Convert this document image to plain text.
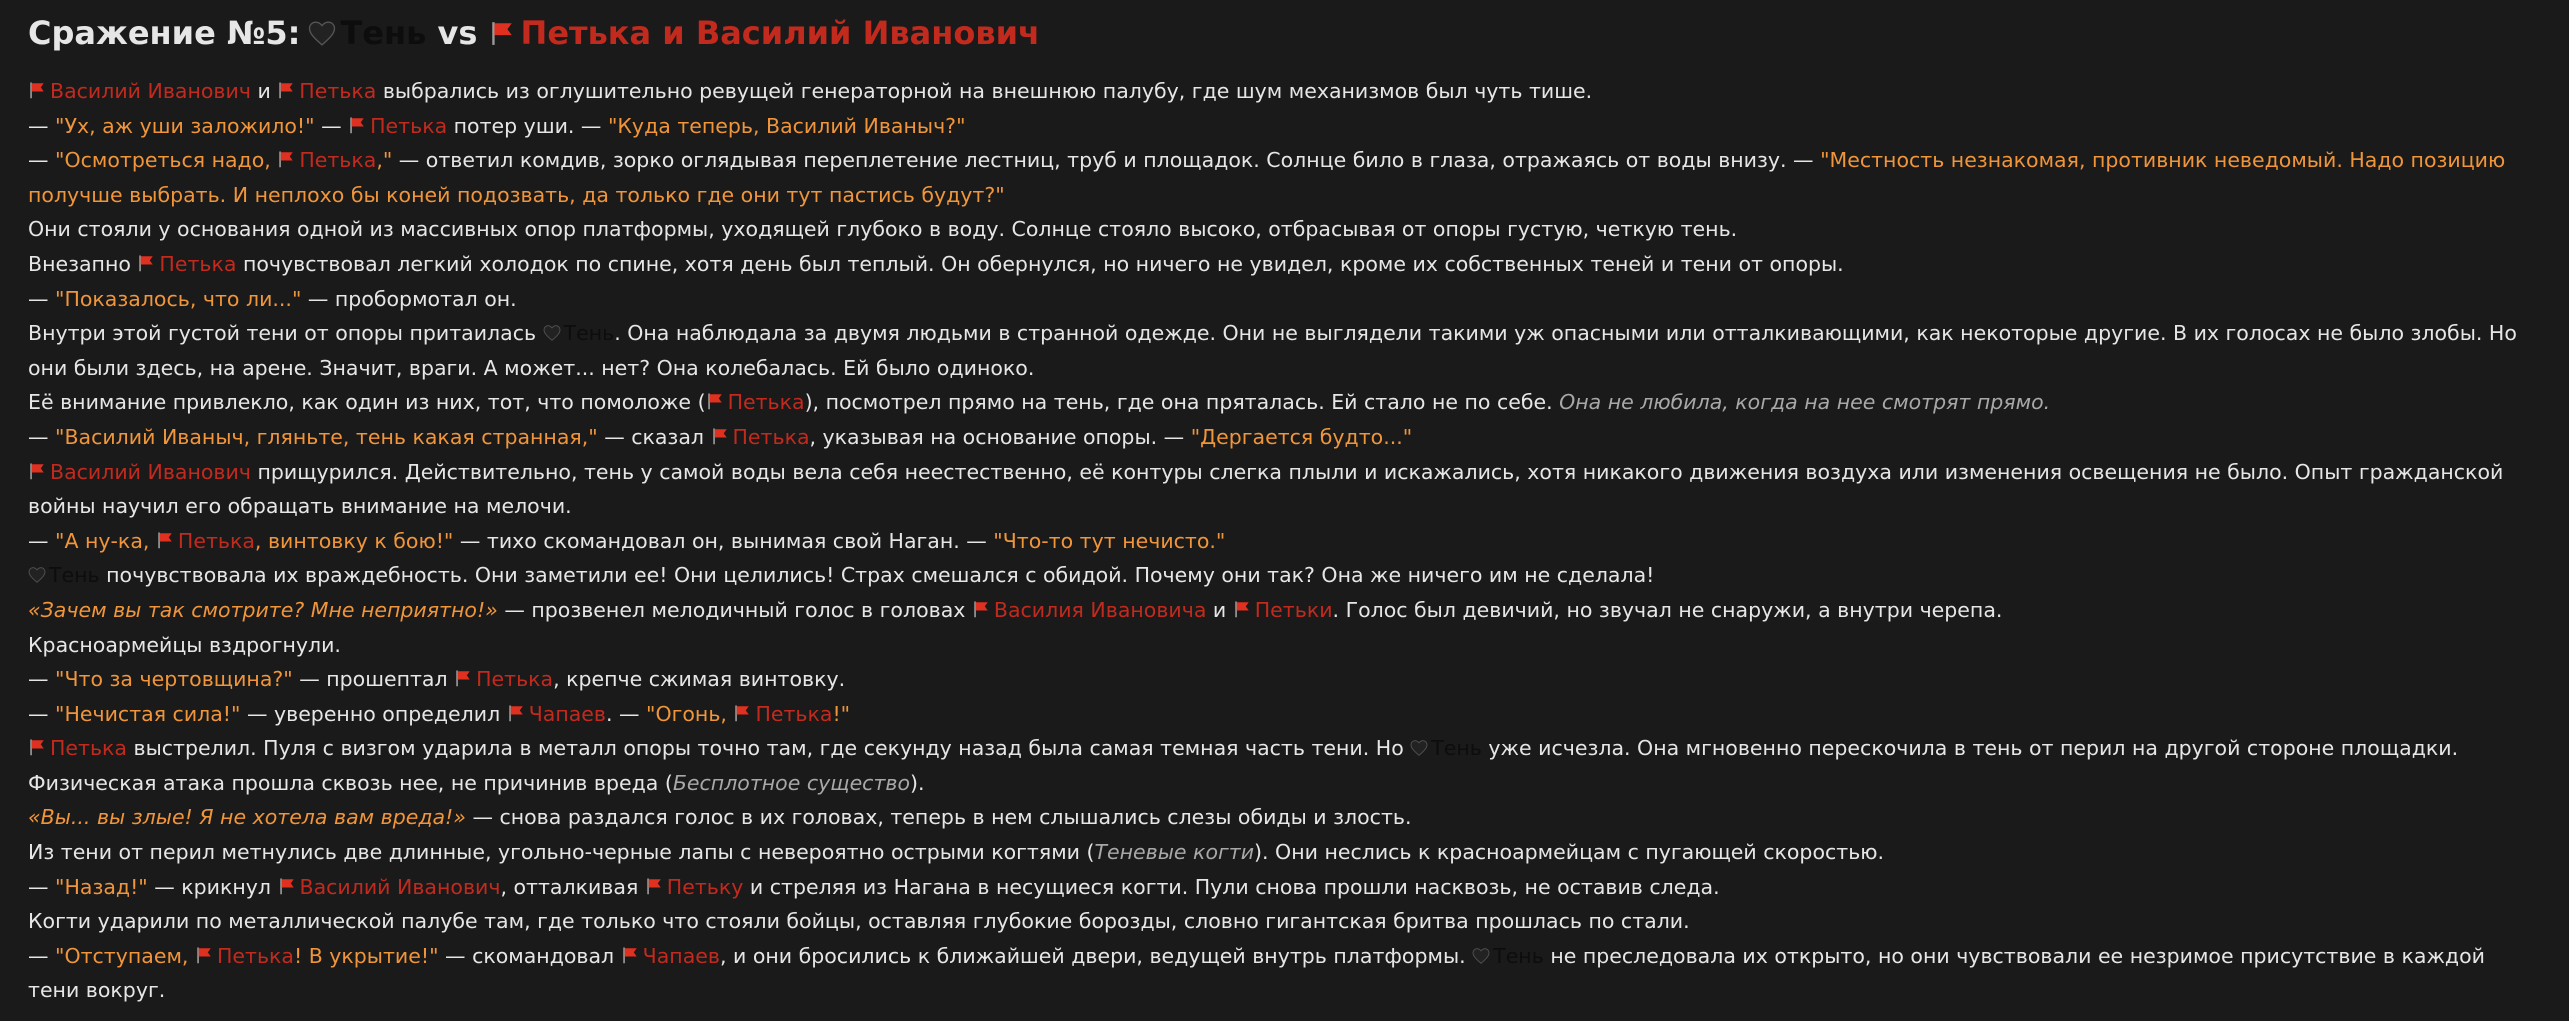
Сражение №5: Тень vs Петька и Василий Иванович

Василий Иванович и Петька выбрались из оглушительно ревущей генераторной на внешнюю палубу, где шум механизмов был чуть тише.

— "Ух, аж уши заложило!" — Петька потер уши. — "Куда теперь, Василий Иваныч?"

— "Осмотреться надо, Петька," — ответил комдив, зорко оглядывая переплетение лестниц, труб и площадок. Солнце било в глаза, отражаясь от воды внизу. — "Местность незнакомая, противник неведомый. Надо позицию получше выбрать. И неплохо бы коней подозвать, да только где они тут пастись будут?"

Они стояли у основания одной из массивных опор платформы, уходящей глубоко в воду. Солнце стояло высоко, отбрасывая от опоры густую, четкую тень.

Внезапно Петька почувствовал легкий холодок по спине, хотя день был теплый. Он обернулся, но ничего не увидел, кроме их собственных теней и тени от опоры.

— "Показалось, что ли..." — пробормотал он.

Внутри этой густой тени от опоры притаилась Тень. Она наблюдала за двумя людьми в странной одежде. Они не выглядели такими уж опасными или отталкивающими, как некоторые другие. В их голосах не было злобы. Но они были здесь, на арене. Значит, враги. А может... нет? Она колебалась. Ей было одиноко.

Её внимание привлекло, как один из них, тот, что помоложе ( Петька), посмотрел прямо на тень, где она пряталась. Ей стало не по себе. Она не любила, когда на нее смотрят прямо.

— "Василий Иваныч, гляньте, тень какая странная," — сказал Петька, указывая на основание опоры. — "Дергается будто..."

Василий Иванович прищурился. Действительно, тень у самой воды вела себя неестественно, её контуры слегка плыли и искажались, хотя никакого движения воздуха или изменения освещения не было. Опыт гражданской войны научил его обращать внимание на мелочи.

— "А ну-ка, Петька, винтовку к бою!" — тихо скомандовал он, вынимая свой Наган. — "Что-то тут нечисто."

Тень почувствовала их враждебность. Они заметили ее! Они целились! Страх смешался с обидой. Почему они так? Она же ничего им не сделала!

«Зачем вы так смотрите? Мне неприятно!» — прозвенел мелодичный голос в головах Василия Ивановича и Петьки. Голос был девичий, но звучал не снаружи, а внутри черепа.

Красноармейцы вздрогнули.

— "Что за чертовщина?" — прошептал Петька, крепче сжимая винтовку.

— "Нечистая сила!" — уверенно определил Чапаев. — "Огонь, Петька!"

Петька выстрелил. Пуля с визгом ударила в металл опоры точно там, где секунду назад была самая темная часть тени. Но Тень уже исчезла. Она мгновенно перескочила в тень от перил на другой стороне площадки. Физическая атака прошла сквозь нее, не причинив вреда (Бесплотное существо).

«Вы... вы злые! Я не хотела вам вреда!» — снова раздался голос в их головах, теперь в нем слышались слезы обиды и злость.

Из тени от перил метнулись две длинные, угольно-черные лапы с невероятно острыми когтями (Теневые когти). Они неслись к красноармейцам с пугающей скоростью.

— "Назад!" — крикнул Василий Иванович, отталкивая Петьку и стреляя из Нагана в несущиеся когти. Пули снова прошли насквозь, не оставив следа.

Когти ударили по металлической палубе там, где только что стояли бойцы, оставляя глубокие борозды, словно гигантская бритва прошлась по стали.

— "Отступаем, Петька! В укрытие!" — скомандовал Чапаев, и они бросились к ближайшей двери, ведущей внутрь платформы. Тень не преследовала их открыто, но они чувствовали ее незримое присутствие в каждой тени вокруг.
